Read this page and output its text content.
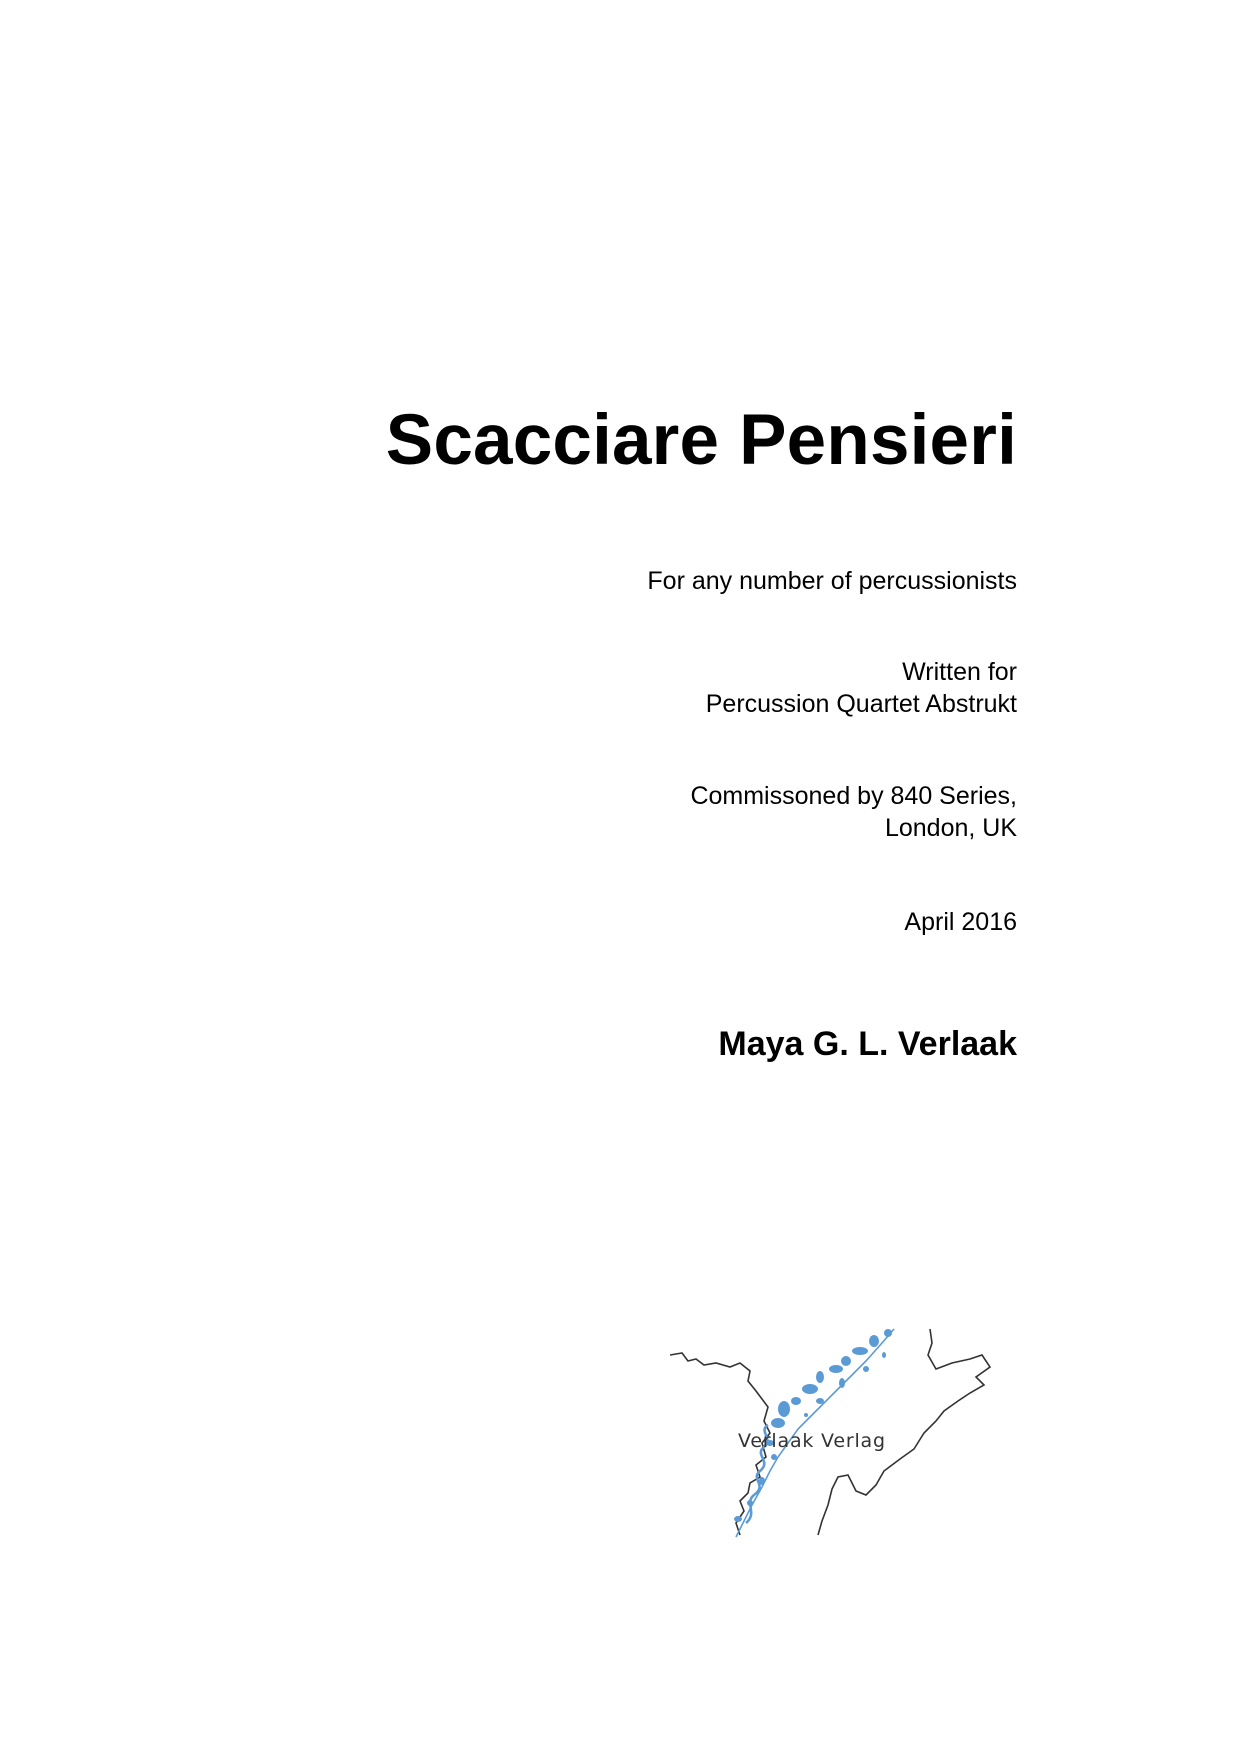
Scacciare Pensieri
For any number of percussionists
Written for
Percussion Quartet Abstrukt
Commissoned by 840 Series,
London, UK
April 2016
Maya G. L. Verlaak
Verlaak Verlag
